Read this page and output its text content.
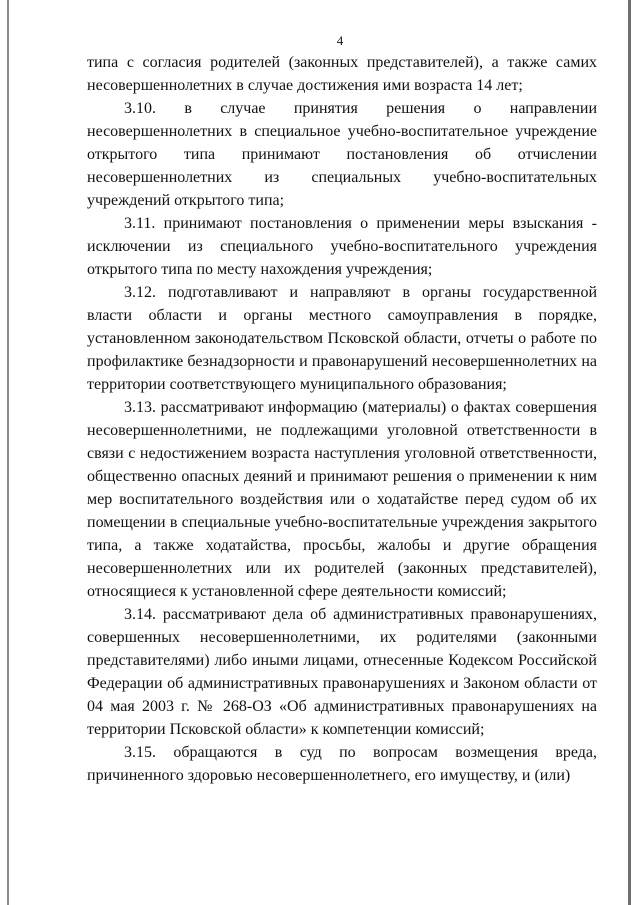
4

типа с согласия родителей (законных представителей), а также самих несовершеннолетних в случае достижения ими возраста 14 лет;

3.10. в случае принятия решения о направлении несовершеннолетних в специальное учебно-воспитательное учреждение открытого типа принимают постановления об отчислении несовершеннолетних из специальных учебно-воспитательных учреждений открытого типа;

3.11. принимают постановления о применении меры взыскания - исключении из специального учебно-воспитательного учреждения открытого типа по месту нахождения учреждения;

3.12. подготавливают и направляют в органы государственной власти области и органы местного самоуправления в порядке, установленном законодательством Псковской области, отчеты о работе по профилактике безнадзорности и правонарушений несовершеннолетних на территории соответствующего муниципального образования;

3.13. рассматривают информацию (материалы) о фактах совершения несовершеннолетними, не подлежащими уголовной ответственности в связи с недостижением возраста наступления уголовной ответственности, общественно опасных деяний и принимают решения о применении к ним мер воспитательного воздействия или о ходатайстве перед судом об их помещении в специальные учебно-воспитательные учреждения закрытого типа, а также ходатайства, просьбы, жалобы и другие обращения несовершеннолетних или их родителей (законных представителей), относящиеся к установленной сфере деятельности комиссий;

3.14. рассматривают дела об административных правонарушениях, совершенных несовершеннолетними, их родителями (законными представителями) либо иными лицами, отнесенные Кодексом Российской Федерации об административных правонарушениях и Законом области от 04 мая 2003 г. № 268-ОЗ «Об административных правонарушениях на территории Псковской области» к компетенции комиссий;

3.15. обращаются в суд по вопросам возмещения вреда, причиненного здоровью несовершеннолетнего, его имуществу, и (или)
